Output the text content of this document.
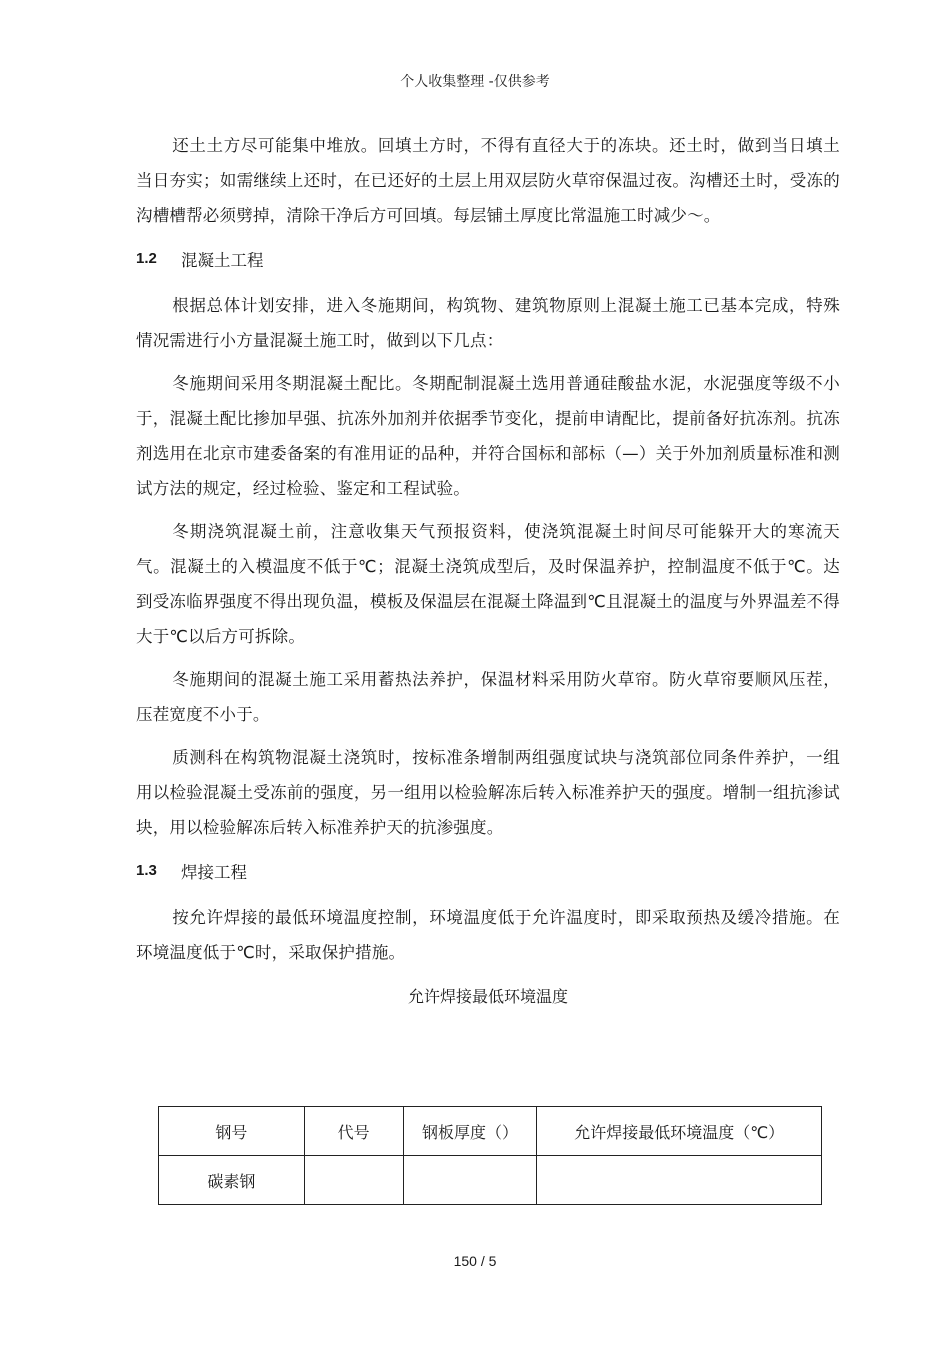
个人收集整理 -仅供参考

还土土方尽可能集中堆放。回填土方时，不得有直径大于的冻块。还土时，做到当日填土当日夯实；如需继续上还时，在已还好的土层上用双层防火草帘保温过夜。沟槽还土时，受冻的沟槽槽帮必须劈掉，清除干净后方可回填。每层铺土厚度比常温施工时减少～。

1.2	混凝土工程

根据总体计划安排，进入冬施期间，构筑物、建筑物原则上混凝土施工已基本完成，特殊情况需进行小方量混凝土施工时，做到以下几点：

冬施期间采用冬期混凝土配比。冬期配制混凝土选用普通硅酸盐水泥，水泥强度等级不小于，混凝土配比掺加早强、抗冻外加剂并依据季节变化，提前申请配比，提前备好抗冻剂。抗冻剂选用在北京市建委备案的有准用证的品种，并符合国标和部标（—）关于外加剂质量标准和测试方法的规定，经过检验、鉴定和工程试验。

冬期浇筑混凝土前，注意收集天气预报资料，使浇筑混凝土时间尽可能躲开大的寒流天气。混凝土的入模温度不低于℃；混凝土浇筑成型后，及时保温养护，控制温度不低于℃。达到受冻临界强度不得出现负温，模板及保温层在混凝土降温到℃且混凝土的温度与外界温差不得大于℃以后方可拆除。

冬施期间的混凝土施工采用蓄热法养护，保温材料采用防火草帘。防火草帘要顺风压茬，压茬宽度不小于。

质测科在构筑物混凝土浇筑时，按标准条增制两组强度试块与浇筑部位同条件养护，一组用以检验混凝土受冻前的强度，另一组用以检验解冻后转入标准养护天的强度。增制一组抗渗试块，用以检验解冻后转入标准养护天的抗渗强度。

1.3	焊接工程

按允许焊接的最低环境温度控制，环境温度低于允许温度时，即采取预热及缓冷措施。在环境温度低于℃时，采取保护措施。

允许焊接最低环境温度
钢号	代号	钢板厚度（）	允许焊接最低环境温度（℃）
碳素钢			
150 / 5
